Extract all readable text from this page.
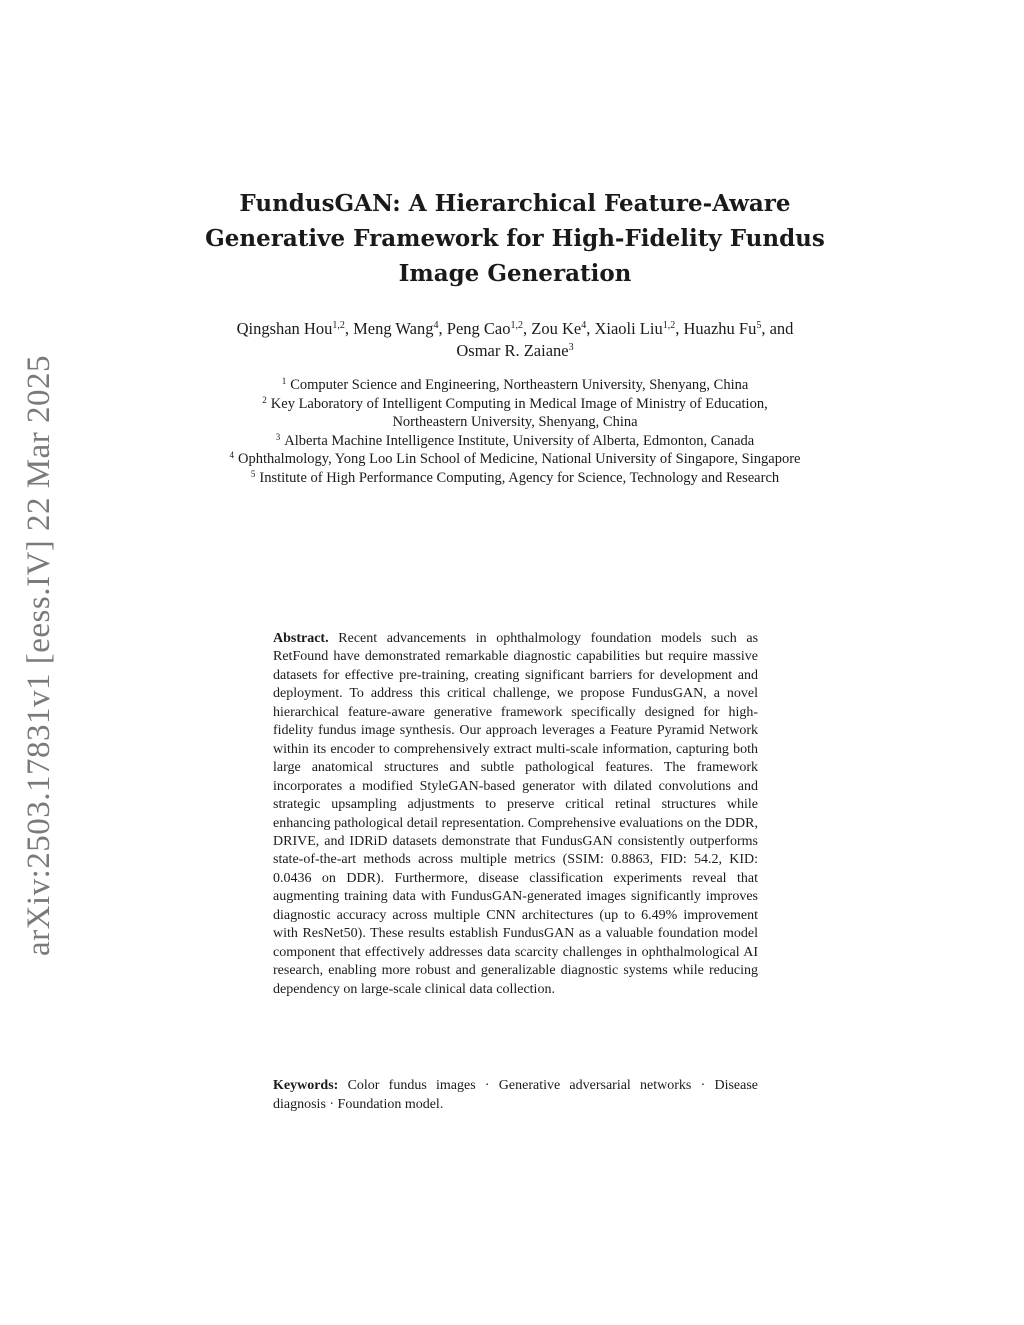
arXiv:2503.17831v1 [eess.IV] 22 Mar 2025
FundusGAN: A Hierarchical Feature-Aware
Generative Framework for High-Fidelity Fundus
Image Generation
Qingshan Hou$^{1,2}$, Meng Wang$^4$, Peng Cao$^{1,2}$, Zou Ke$^4$, Xiaoli Liu$^{1,2}$, Huazhu Fu$^5$, and Osmar R. Zaiane$^3$
$^1$ Computer Science and Engineering, Northeastern University, Shenyang, China
$^2$ Key Laboratory of Intelligent Computing in Medical Image of Ministry of Education, Northeastern University, Shenyang, China
$^3$ Alberta Machine Intelligence Institute, University of Alberta, Edmonton, Canada
$^4$ Ophthalmology, Yong Loo Lin School of Medicine, National University of Singapore, Singapore
$^5$ Institute of High Performance Computing, Agency for Science, Technology and Research
Abstract. Recent advancements in ophthalmology foundation models such as RetFound have demonstrated remarkable diagnostic capabilities but require massive datasets for effective pre-training, creating significant barriers for development and deployment. To address this critical challenge, we propose FundusGAN, a novel hierarchical feature-aware generative framework specifically designed for high-fidelity fundus image synthesis. Our approach leverages a Feature Pyramid Network within its encoder to comprehensively extract multi-scale information, capturing both large anatomical structures and subtle pathological features. The framework incorporates a modified StyleGAN-based generator with dilated convolutions and strategic upsampling adjustments to preserve critical retinal structures while enhancing pathological detail representation. Comprehensive evaluations on the DDR, DRIVE, and IDRiD datasets demonstrate that FundusGAN consistently outperforms state-of-the-art methods across multiple metrics (SSIM: 0.8863, FID: 54.2, KID: 0.0436 on DDR). Furthermore, disease classification experiments reveal that augmenting training data with FundusGAN-generated images significantly improves diagnostic accuracy across multiple CNN architectures (up to 6.49% improvement with ResNet50). These results establish FundusGAN as a valuable foundation model component that effectively addresses data scarcity challenges in ophthalmological AI research, enabling more robust and generalizable diagnostic systems while reducing dependency on large-scale clinical data collection.
Keywords: Color fundus images · Generative adversarial networks · Disease diagnosis · Foundation model.
